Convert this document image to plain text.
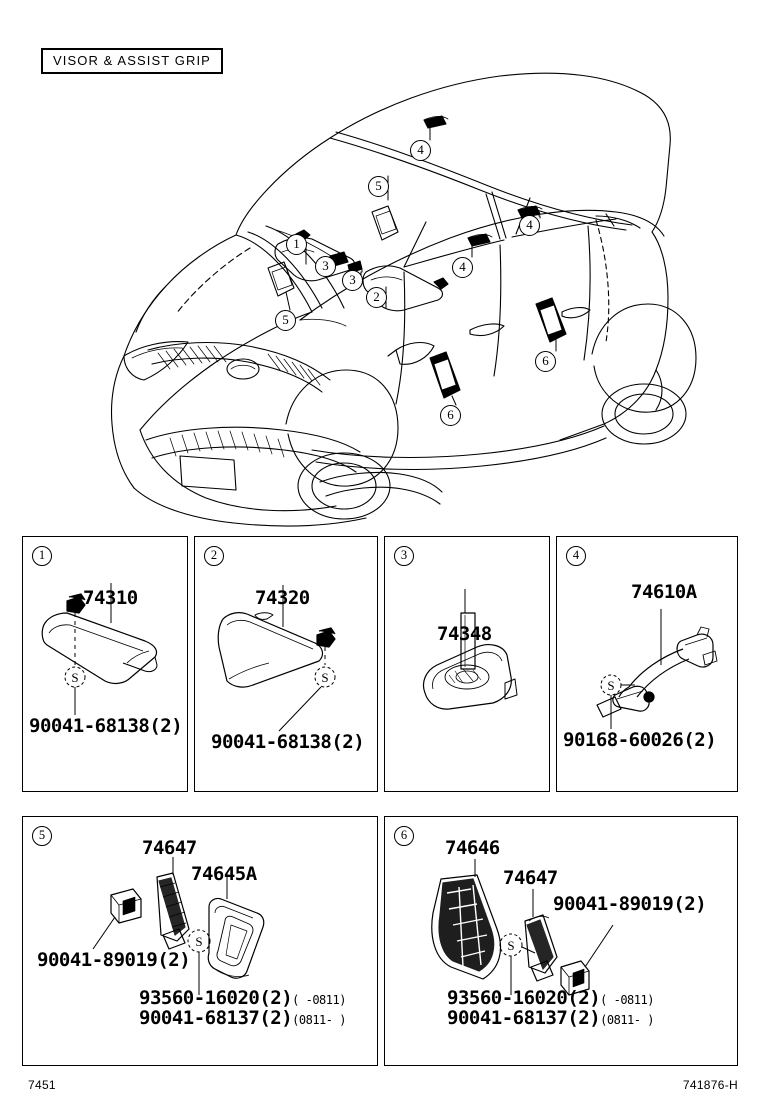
VISOR & ASSIST GRIP
1
2
3
3
4
4
4
5
5
6
6
1
S
74310
90041-68138(2)
2
S
74320
90041-68138(2)
3
74348
4
S
74610A
90168-60026(2)
5
S
74647
74645A
90041-89019(2)
93560-16020(2)( -0811)
90041-68137(2)(0811- )
6
S
74646
74647
90041-89019(2)
93560-16020(2)( -0811)
90041-68137(2)(0811- )
7451	741876-H
